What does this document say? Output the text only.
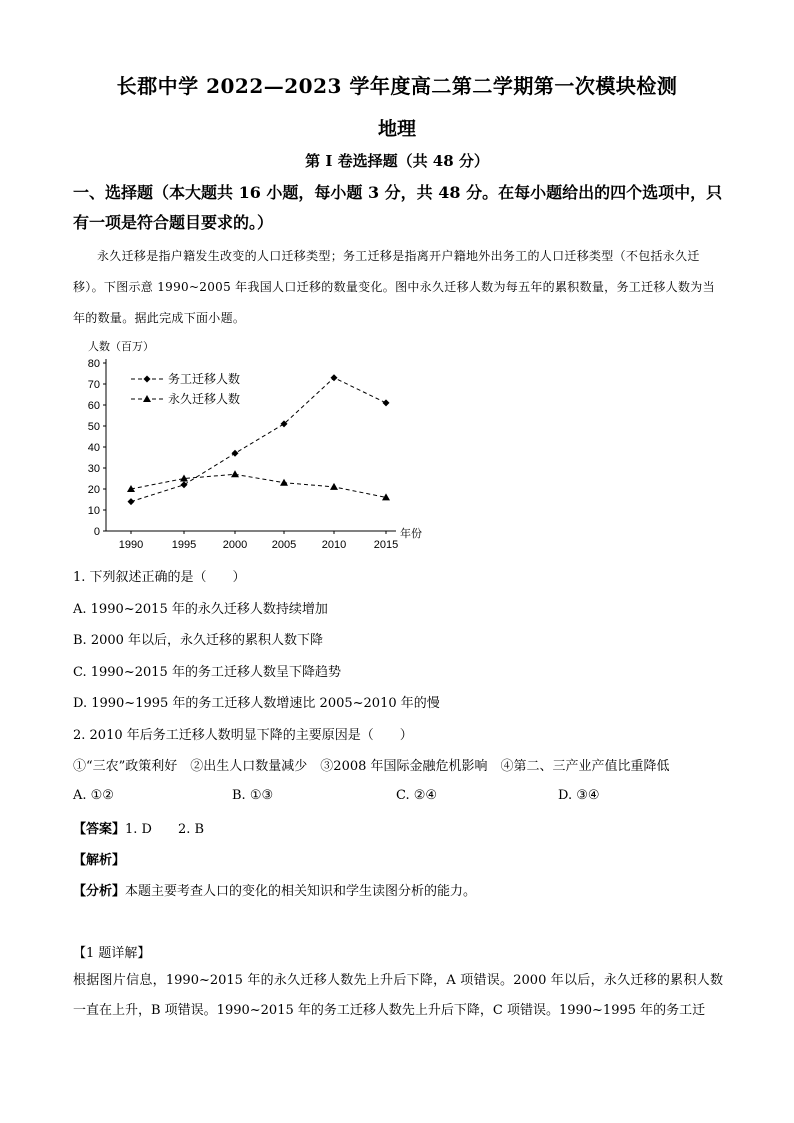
长郡中学 2022—2023 学年度高二第二学期第一次模块检测
地理
第 I 卷选择题（共 48 分）
一、选择题（本大题共 16 小题，每小题 3 分，共 48 分。在每小题给出的四个选项中，只有一项是符合题目要求的。）
永久迁移是指户籍发生改变的人口迁移类型；务工迁移是指离开户籍地外出务工的人口迁移类型（不包括永久迁移）。下图示意 1990~2005 年我国人口迁移的数量变化。图中永久迁移人数为每五年的累积数量，务工迁移人数为当年的数量。据此完成下面小题。
0
10
20
30
40
50
60
70
80
1990	1995 2000 2005 2010	2015
人数（百万）
年份
务工迁移人数
永久迁移人数
1. 下列叙述正确的是（　　）
A. 1990~2015 年的永久迁移人数持续增加
B. 2000 年以后，永久迁移的累积人数下降
C. 1990~2015 年的务工迁移人数呈下降趋势
D. 1990~1995 年的务工迁移人数增速比 2005~2010 年的慢
2. 2010 年后务工迁移人数明显下降的主要原因是（　　）
①“三农”政策利好　②出生人口数量减少　③2008 年国际金融危机影响　④第二、三产业产值比重降低
A. ①②	B. ①③	C. ②④	D. ③④
【答案】1. D　　2. B
【解析】
【分析】本题主要考查人口的变化的相关知识和学生读图分析的能力。
【1 题详解】
根据图片信息，1990~2015 年的永久迁移人数先上升后下降，A 项错误。2000 年以后，永久迁移的累积人数一直在上升，B 项错误。1990~2015 年的务工迁移人数先上升后下降，C 项错误。1990~1995 年的务工迁
